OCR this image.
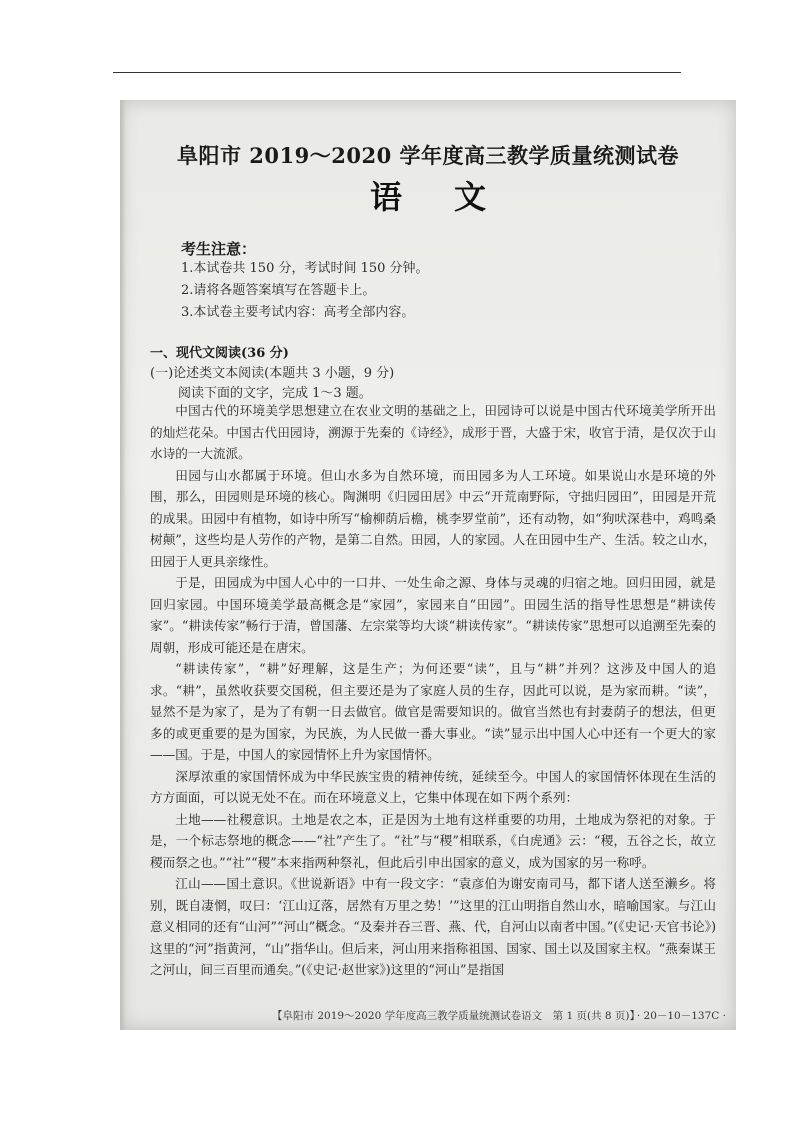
阜阳市 2019～2020 学年度高三教学质量统测试卷
语 文
考生注意：
1.本试卷共 150 分，考试时间 150 分钟。
2.请将各题答案填写在答题卡上。
3.本试卷主要考试内容：高考全部内容。
一、现代文阅读(36 分)
(一)论述类文本阅读(本题共 3 小题，9 分)
阅读下面的文字，完成 1～3 题。

中国古代的环境美学思想建立在农业文明的基础之上，田园诗可以说是中国古代环境美学所开出的灿烂花朵。中国古代田园诗，溯源于先秦的《诗经》，成形于晋，大盛于宋，收官于清，是仅次于山水诗的一大流派。

田园与山水都属于环境。但山水多为自然环境，而田园多为人工环境。如果说山水是环境的外围，那么，田园则是环境的核心。陶渊明《归园田居》中云“开荒南野际，守拙归园田”，田园是开荒的成果。田园中有植物，如诗中所写“榆柳荫后檐，桃李罗堂前”，还有动物，如“狗吠深巷中，鸡鸣桑树颠”，这些均是人劳作的产物，是第二自然。田园，人的家园。人在田园中生产、生活。较之山水，田园于人更具亲缘性。

于是，田园成为中国人心中的一口井、一处生命之源、身体与灵魂的归宿之地。回归田园，就是回归家园。中国环境美学最高概念是“家园”，家园来自“田园”。田园生活的指导性思想是“耕读传家”。“耕读传家”畅行于清，曾国藩、左宗棠等均大谈“耕读传家”。“耕读传家”思想可以追溯至先秦的周朝，形成可能还是在唐宋。

“耕读传家”，“耕”好理解，这是生产；为何还要“读”，且与“耕”并列？这涉及中国人的追求。“耕”，虽然收获要交国税，但主要还是为了家庭人员的生存，因此可以说，是为家而耕。“读”，显然不是为家了，是为了有朝一日去做官。做官是需要知识的。做官当然也有封妻荫子的想法，但更多的或更重要的是为国家，为民族，为人民做一番大事业。“读”显示出中国人心中还有一个更大的家——国。于是，中国人的家园情怀上升为家国情怀。

深厚浓重的家国情怀成为中华民族宝贵的精神传统，延续至今。中国人的家国情怀体现在生活的方方面面，可以说无处不在。而在环境意义上，它集中体现在如下两个系列：

土地——社稷意识。土地是农之本，正是因为土地有这样重要的功用，土地成为祭祀的对象。于是，一个标志祭地的概念——“社”产生了。“社”与“稷”相联系，《白虎通》云：“稷，五谷之长，故立稷而祭之也。”“社”“稷”本来指两种祭礼，但此后引申出国家的意义，成为国家的另一称呼。

江山——国土意识。《世说新语》中有一段文字：“袁彦伯为谢安南司马，都下诸人送至濑乡。将别，既自凄惘，叹曰：‘江山辽落，居然有万里之势！’”这里的江山明指自然山水，暗喻国家。与江山意义相同的还有“山河”“河山”概念。“及秦并吞三晋、燕、代，自河山以南者中国。”(《史记·天官书论》)这里的“河”指黄河，“山”指华山。但后来，河山用来指称祖国、国家、国土以及国家主权。“燕秦谋王之河山，间三百里而通矣。”(《史记·赵世家》)这里的“河山”是指国

【阜阳市 2019～2020 学年度高三教学质量统测试卷语文　第 1 页(共 8 页)】
· 20－10－137C ·
